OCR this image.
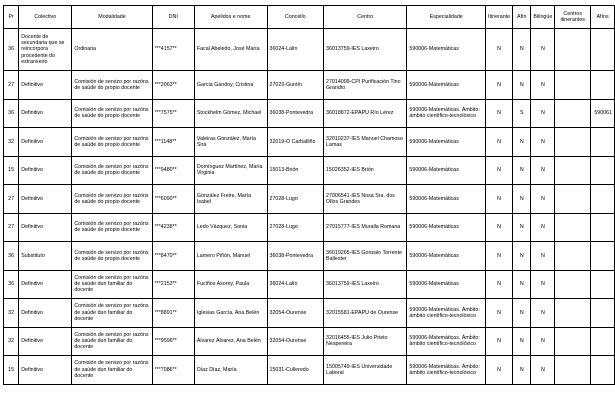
Pr	Colectivo	Modalidade	DNI	Apelidos e nome	Concello	Centro	Especialidade	Itinerante	Afín	Bilingüe	Centros itinerantes	Afíns
36	Docente de secundaria que se reincorpora procedente do estranxeiro	Ordinaria	***4157**	Facal Abeledo, José María	36024-Lalín	36013759-IES Laxeiro	590006-Matemáticas	N	N	N		
27	Definitivo	Comisión de servizo por razóns de saúde do propio docente	***2063**	García Gandoy, Cristina	27023-Guntín	27014009-CPI Purificación Tino Grandío	590006-Matemáticas	N	N	N		
36	Definitivo	Comisión de servizo por razóns de saúde do propio docente	***7575**	Stockhelm Gómez, Michael	36038-Pontevedra	36018872-EPAPU Río Lérez	590006-Matemáticas. Ámbito: ámbito científico-tecnolóxico	N	S	N		590061
32	Definitivo	Comisión de servizo por razóns de saúde do propio docente	***1148**	Valeiras González, María Sira	32019-O Carballiño	32010237-IES Manuel Chamoso Lamas	590006-Matemáticas	N	N	N		
15	Definitivo	Comisión de servizo por razóns de saúde do propio docente	***9480**	Domínguez Martínez, María Virginia	15013-Brión	15026352-IES Brión	590006-Matemáticas	N	N	N		
27	Definitivo	Comisión de servizo por razóns de saúde do propio docente	***6090**	González Freire, María Isabel	27028-Lugo	27006541-IES Nosa Sra. dos Ollos Grandes	590006-Matemáticas	N	N	N		
27	Definitivo	Comisión de servizo por razóns de saúde do propio docente	***4238**	Ledo Vázquez, Sonia	27028-Lugo	27015777-IES Muralla Romana	590006-Matemáticas	N	N	N		
36	Substituto	Comisión de servizo por razóns de saúde do propio docente	***8470**	Lamero Piñón, Manuel	36038-Pontevedra	36019265-IES Gonzalo Torrente Ballester	590006-Matemáticas	N	N	N		
36	Definitivo	Comisión de servizo por razóns de saúde dun familiar do docente	***2153**	Fuciños Asorey, Paula	36024-Lalín	36013759-IES Laxeiro	590006-Matemáticas	N	N	N		
32	Definitivo	Comisión de servizo por razóns de saúde dun familiar do docente	***8891**	Iglesias García, Ana Belén	32054-Ourense	32015581-EPAPU de Ourense	590006-Matemáticas. Ámbito: ámbito científico-tecnolóxico	N	N	N		
32	Definitivo	Comisión de servizo por razóns de saúde dun familiar do docente	***9596**	Álvarez Álvarez, Ana Belén	32054-Ourense	32016455-IES Julio Prieto Nespereira	590006-Matemáticas. Ámbito: ámbito científico-tecnolóxico	N	N	N		
15	Definitivo	Comisión de servizo por razóns de saúde dun familiar do docente	***7086**	Díaz Díaz, María	15031-Culleredo	15005749-IES Universidade Laboral	590006-Matemáticas. Ámbito: ámbito científico-tecnolóxico	N	N	N		
